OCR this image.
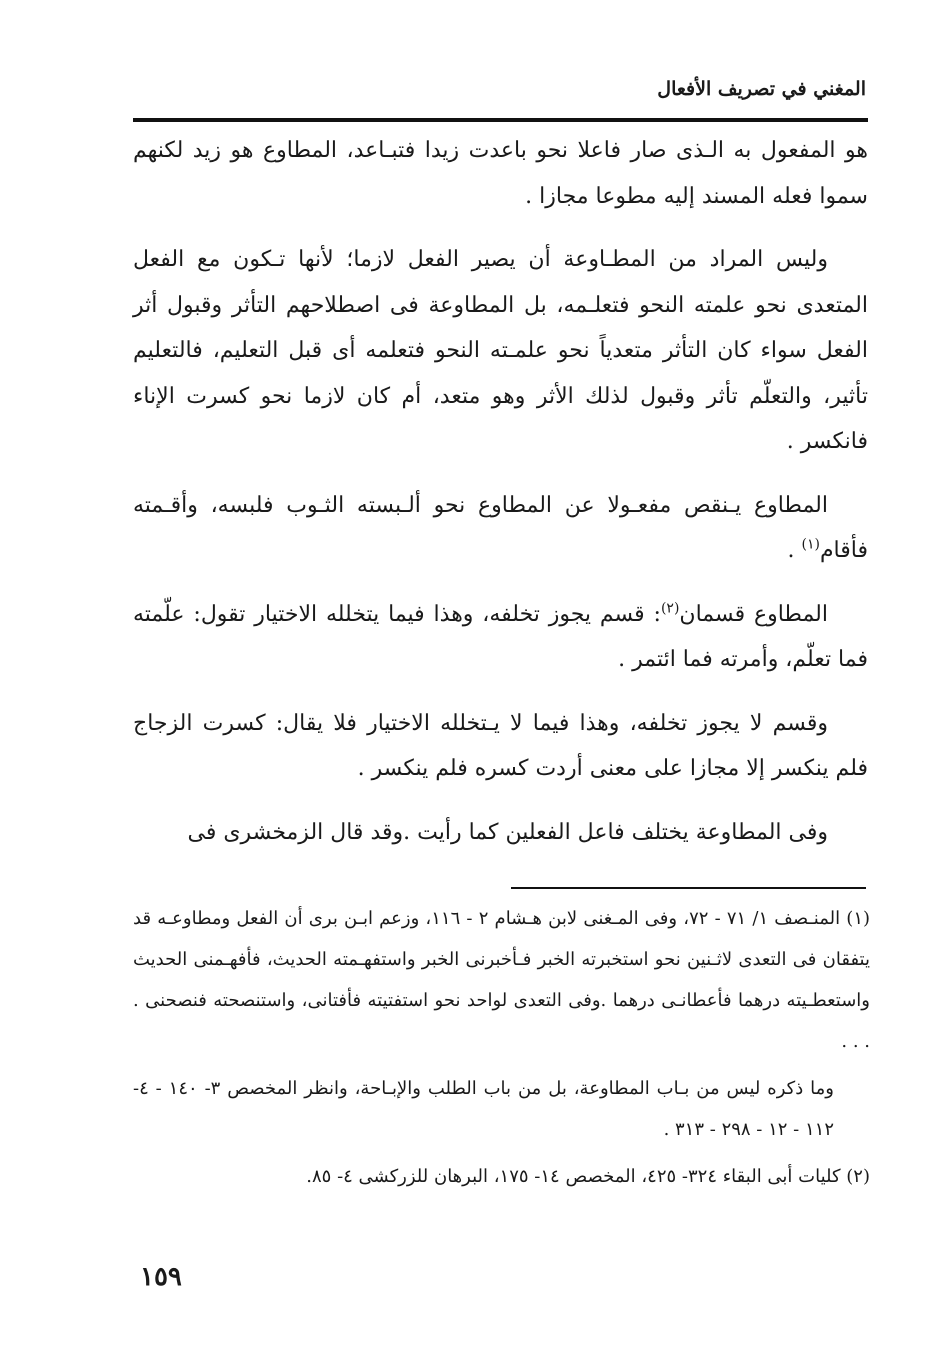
المغني في تصريف الأفعال

هو المفعول به الـذى صار فاعلا نحو باعدت زيدا فتبـاعد، المطاوع هو زيد لكنهم سموا فعله المسند إليه مطوعا مجازا .

وليس المراد من المطـاوعة أن يصير الفعل لازما؛ لأنها تـكون مع الفعل المتعدى نحو علمته النحو فتعلـمه، بل المطاوعة فى اصطلاحهم التأثر وقبول أثر الفعل سواء كان التأثر متعدياً نحو علمـته النحو فتعلمه أى قبل التعليم، فالتعليم تأثير، والتعلّم تأثر وقبول لذلك الأثر وهو متعد، أم كان لازما نحو كسرت الإناء فانكسر .

المطاوع يـنقص مفعـولا عن المطاوع نحو ألـبسته الثـوب فلبسه، وأقـمته فأقام$^{(١)}$ .

المطاوع قسمان$^{(٢)}$: قسم يجوز تخلفه، وهذا فيما يتخلله الاختيار تقول: علّمته فما تعلّم، وأمرته فما ائتمر .

وقسم لا يجوز تخلفه، وهذا فيما لا يـتخلله الاختيار فلا يقال: كسرت الزجاج فلم ينكسر إلا مجازا على معنى أردت كسره فلم ينكسر .

وفى المطاوعة يختلف فاعل الفعلين كما رأيت .وقد قال الزمخشرى فى

(١) المنـصف ١/ ٧١ - ٧٢، وفى المـغنى لابن هـشام ٢ - ١١٦، وزعم ابـن برى أن الفعل ومطاوعـه قد يتفقان فى التعدى لاثـنين نحو استخبرته الخبر فـأخبرنى الخبر واستفهـمته الحديث، فأفهـمنى الحديث واستعطـيته درهما فأعطانـى درهما .وفى التعدى لواحد نحو استفتيته فأفتانى، واستنصحته فنصحنى . . . .

وما ذكره ليس من بـاب المطاوعة، بل من باب الطلب والإبـاحة، وانظر المخصص ٣- ١٤٠ - ٤- ١١٢ - ١٢ - ٢٩٨ - ٣١٣ .

(٢) كليات أبى البقاء ٣٢٤- ٤٢٥، المخصص ١٤- ١٧٥، البرهان للزركشى ٤- ٨٥.

١٥٩
